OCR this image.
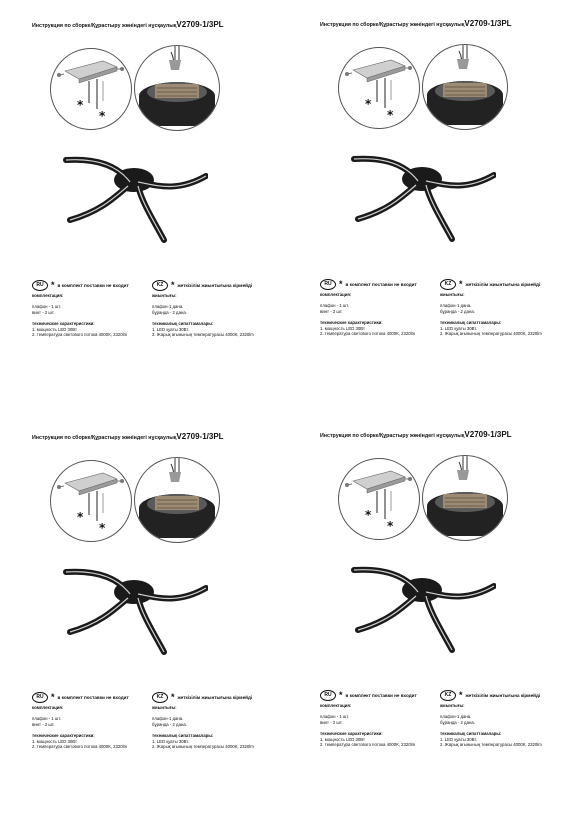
Инструкция по сборке/Құрастыру жөніндегі нұсқаулықV2709-1/3PL
*
*
RU * в комплект поставки не входит	KZ * жеткізілім жиынтығына кірмейді
комплектация:
плафон - 1 шт.
винт - 2 шт.
технические характеристики:
1. мощность LED 30Вт
2. температура светового потока 4000К, 2320lm
жиынтығы:
плафон-1 дана.
бұранда - 2 дана.
техникалық сипаттамалары:
1. LED қуаты 30Вт.
2. Жарық ағынының температурасы 4000К, 2320lm
Инструкция по сборке/Құрастыру жөніндегі нұсқаулықV2709-1/3PL
*
*
RU * в комплект поставки не входит	KZ * жеткізілім жиынтығына кірмейді
комплектация:
плафон - 1 шт.
винт - 2 шт.
технические характеристики:
1. мощность LED 30Вт
2. температура светового потока 4000К, 2320lm
жиынтығы:
плафон-1 дана.
бұранда - 2 дана.
техникалық сипаттамалары:
1. LED қуаты 30Вт.
2. Жарық ағынының температурасы 4000К, 2320lm
Инструкция по сборке/Құрастыру жөніндегі нұсқаулықV2709-1/3PL
*
*
RU * в комплект поставки не входит	KZ * жеткізілім жиынтығына кірмейді
комплектация:
плафон - 1 шт.
винт - 2 шт.
технические характеристики:
1. мощность LED 30Вт
2. температура светового потока 4000К, 2320lm
жиынтығы:
плафон-1 дана.
бұранда - 2 дана.
техникалық сипаттамалары:
1. LED қуаты 30Вт.
2. Жарық ағынының температурасы 4000К, 2320lm
Инструкция по сборке/Құрастыру жөніндегі нұсқаулықV2709-1/3PL
*
*
RU * в комплект поставки не входит	KZ * жеткізілім жиынтығына кірмейді
комплектация:
плафон - 1 шт.
винт - 2 шт.
технические характеристики:
1. мощность LED 30Вт
2. температура светового потока 4000К, 2320lm
жиынтығы:
плафон-1 дана.
бұранда - 2 дана.
техникалық сипаттамалары:
1. LED қуаты 30Вт.
2. Жарық ағынының температурасы 4000К, 2320lm
